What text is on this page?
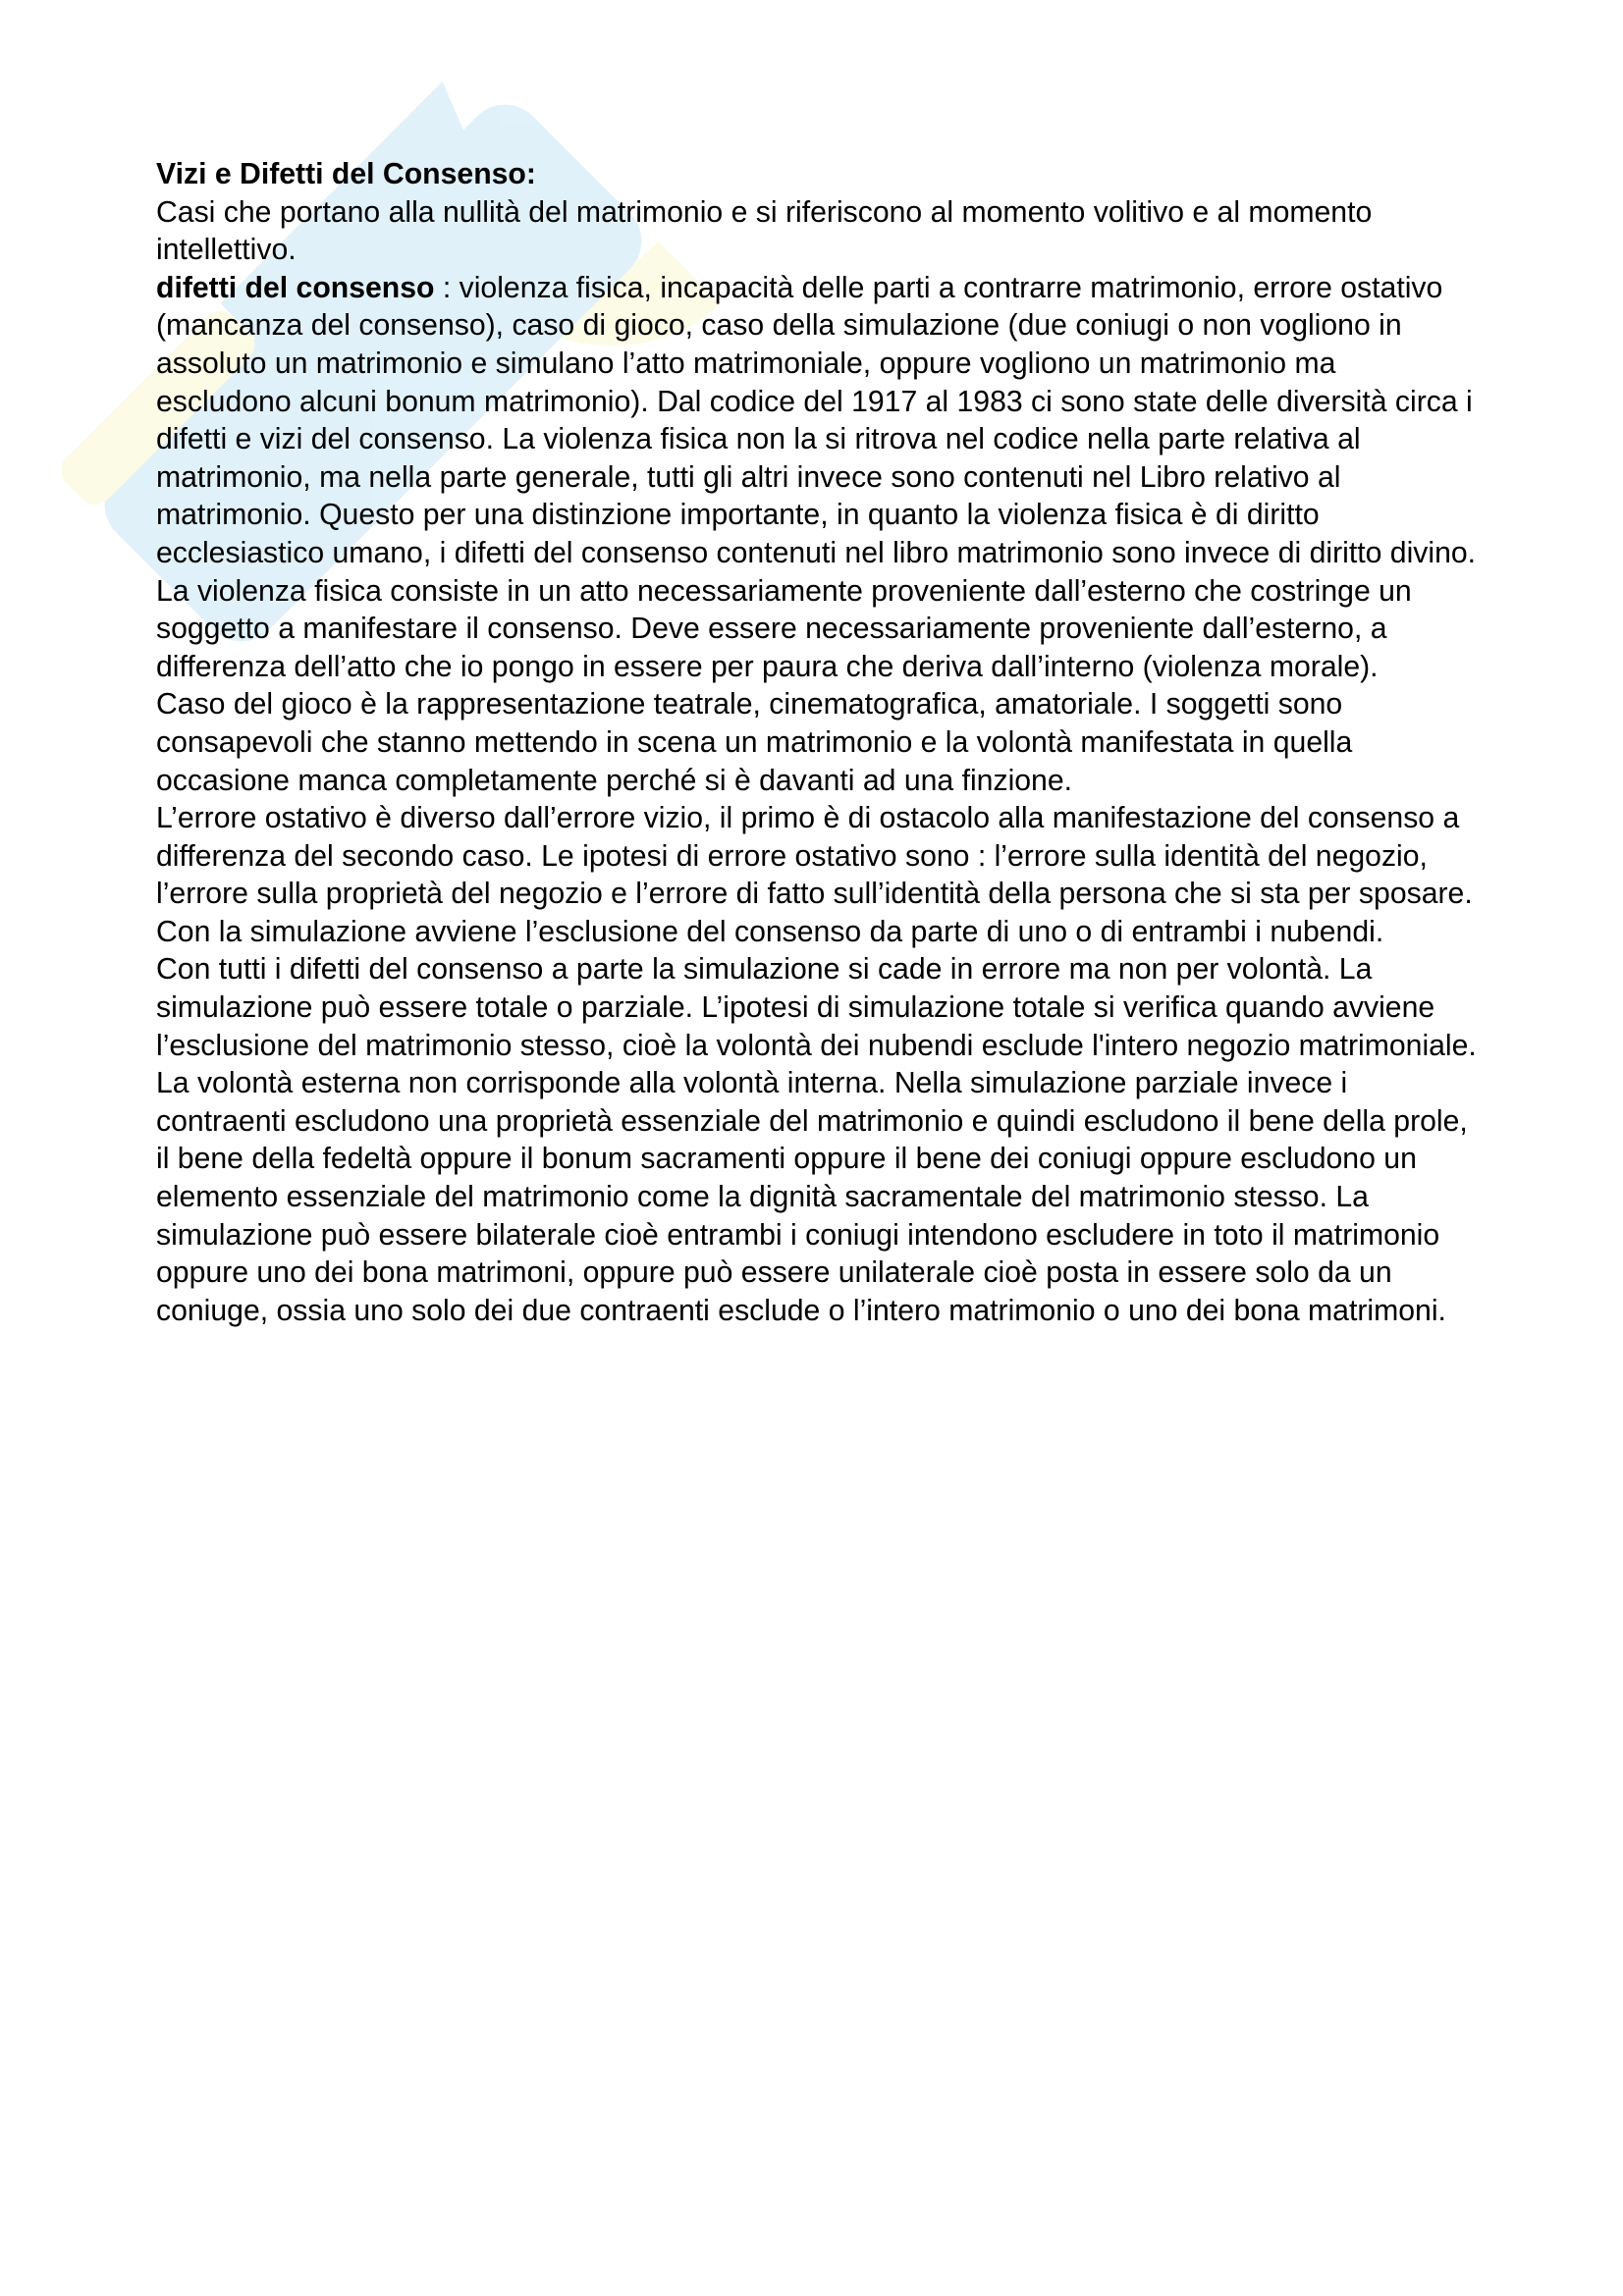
Vizi e Difetti del Consenso:

Casi che portano alla nullità del matrimonio e si riferiscono al momento volitivo e al momento intellettivo.

difetti del consenso : violenza fisica, incapacità delle parti a contrarre matrimonio, errore ostativo (mancanza del consenso), caso di gioco, caso della simulazione (due coniugi o non vogliono in assoluto un matrimonio e simulano l’atto matrimoniale, oppure vogliono un matrimonio ma escludono alcuni bonum matrimonio). Dal codice del 1917 al 1983 ci sono state delle diversità circa i difetti e vizi del consenso. La violenza fisica non la si ritrova nel codice nella parte relativa al matrimonio, ma nella parte generale, tutti gli altri invece sono contenuti nel Libro relativo al matrimonio. Questo per una distinzione importante, in quanto la violenza fisica è di diritto ecclesiastico umano, i difetti del consenso contenuti nel libro matrimonio sono invece di diritto divino.

La violenza fisica consiste in un atto necessariamente proveniente dall’esterno che costringe un soggetto a manifestare il consenso. Deve essere necessariamente proveniente dall’esterno, a differenza dell’atto che io pongo in essere per paura che deriva dall’interno (violenza morale).

Caso del gioco è la rappresentazione teatrale, cinematografica, amatoriale. I soggetti sono consapevoli che stanno mettendo in scena un matrimonio e la volontà manifestata in quella occasione manca completamente perché si è davanti ad una finzione.

L’errore ostativo è diverso dall’errore vizio, il primo è di ostacolo alla manifestazione del consenso a differenza del secondo caso. Le ipotesi di errore ostativo sono : l’errore sulla identità del negozio, l’errore sulla proprietà del negozio e l’errore di fatto sull’identità della persona che si sta per sposare.

Con la simulazione avviene l’esclusione del consenso da parte di uno o di entrambi i nubendi.

Con tutti i difetti del consenso a parte la simulazione si cade in errore ma non per volontà. La simulazione può essere totale o parziale. L’ipotesi di simulazione totale si verifica quando avviene l’esclusione del matrimonio stesso, cioè la volontà dei nubendi esclude l'intero negozio matrimoniale. La volontà esterna non corrisponde alla volontà interna. Nella simulazione parziale invece i contraenti escludono una proprietà essenziale del matrimonio e quindi escludono il bene della prole, il bene della fedeltà oppure il bonum sacramenti oppure il bene dei coniugi oppure escludono un elemento essenziale del matrimonio come la dignità sacramentale del matrimonio stesso. La simulazione può essere bilaterale cioè entrambi i coniugi intendono escludere in toto il matrimonio oppure uno dei bona matrimoni, oppure può essere unilaterale cioè posta in essere solo da un coniuge, ossia uno solo dei due contraenti esclude o l’intero matrimonio o uno dei bona matrimoni.
